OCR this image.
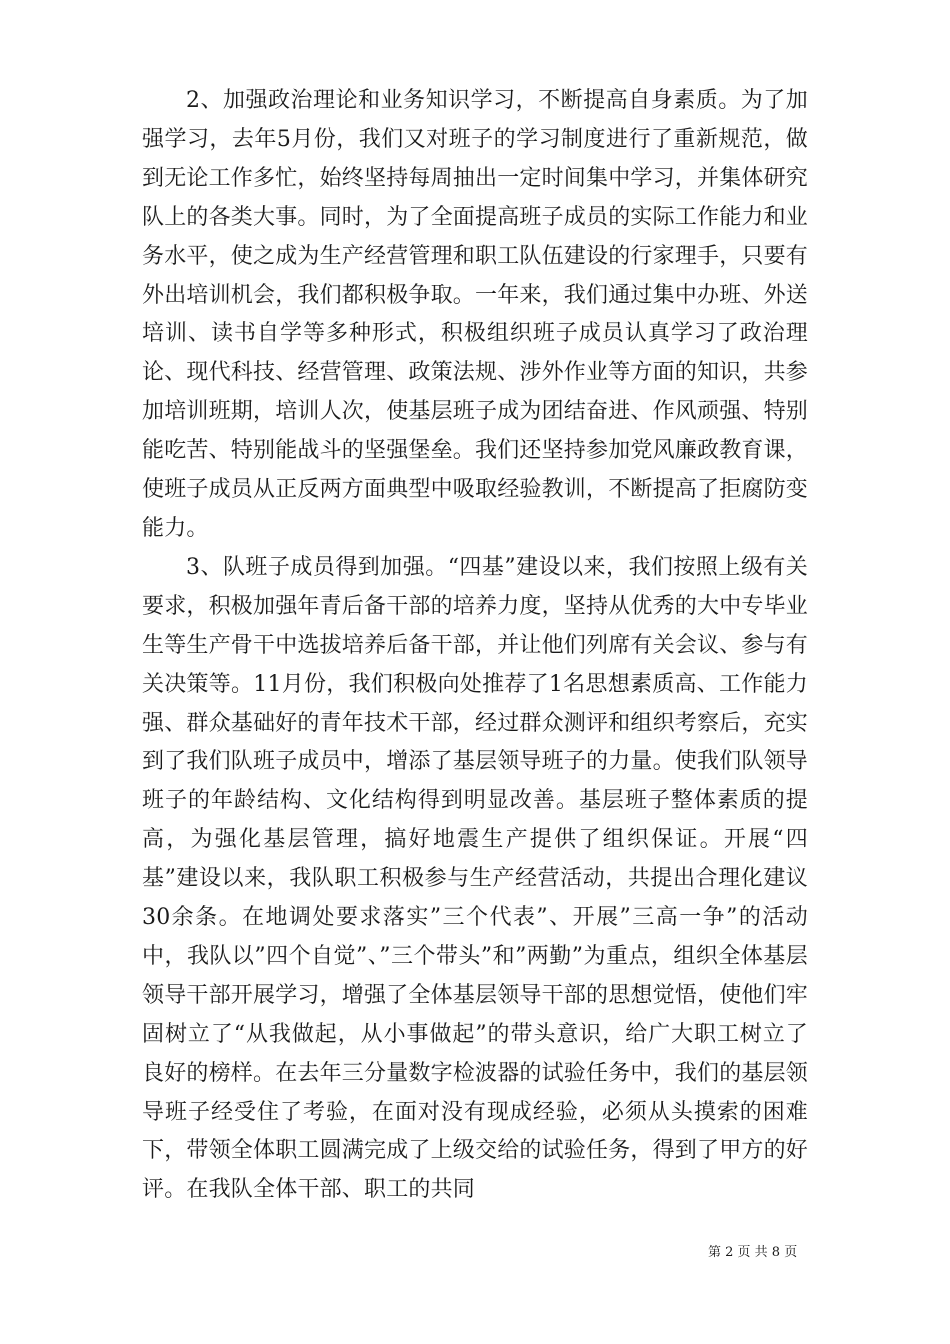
2、加强政治理论和业务知识学习，不断提高自身素质。为了加强学习，去年5月份，我们又对班子的学习制度进行了重新规范，做到无论工作多忙，始终坚持每周抽出一定时间集中学习，并集体研究队上的各类大事。同时，为了全面提高班子成员的实际工作能力和业务水平，使之成为生产经营管理和职工队伍建设的行家理手，只要有外出培训机会，我们都积极争取。一年来，我们通过集中办班、外送培训、读书自学等多种形式，积极组织班子成员认真学习了政治理论、现代科技、经营管理、政策法规、涉外作业等方面的知识，共参加培训班期，培训人次，使基层班子成为团结奋进、作风顽强、特别能吃苦、特别能战斗的坚强堡垒。我们还坚持参加党风廉政教育课，使班子成员从正反两方面典型中吸取经验教训，不断提高了拒腐防变能力。

3、队班子成员得到加强。“四基”建设以来，我们按照上级有关要求，积极加强年青后备干部的培养力度，坚持从优秀的大中专毕业生等生产骨干中选拔培养后备干部，并让他们列席有关会议、参与有关决策等。11月份，我们积极向处推荐了1名思想素质高、工作能力强、群众基础好的青年技术干部，经过群众测评和组织考察后，充实到了我们队班子成员中，增添了基层领导班子的力量。使我们队领导班子的年龄结构、文化结构得到明显改善。基层班子整体素质的提高，为强化基层管理，搞好地震生产提供了组织保证。开展“四基”建设以来，我队职工积极参与生产经营活动，共提出合理化建议30余条。在地调处要求落实”三个代表”、开展”三高一争”的活动中，我队以”四个自觉”、”三个带头”和”两勤”为重点，组织全体基层领导干部开展学习，增强了全体基层领导干部的思想觉悟，使他们牢固树立了“从我做起，从小事做起”的带头意识，给广大职工树立了良好的榜样。在去年三分量数字检波器的试验任务中，我们的基层领导班子经受住了考验，在面对没有现成经验，必须从头摸索的困难下，带领全体职工圆满完成了上级交给的试验任务，得到了甲方的好评。在我队全体干部、职工的共同

第 2 页 共 8 页
